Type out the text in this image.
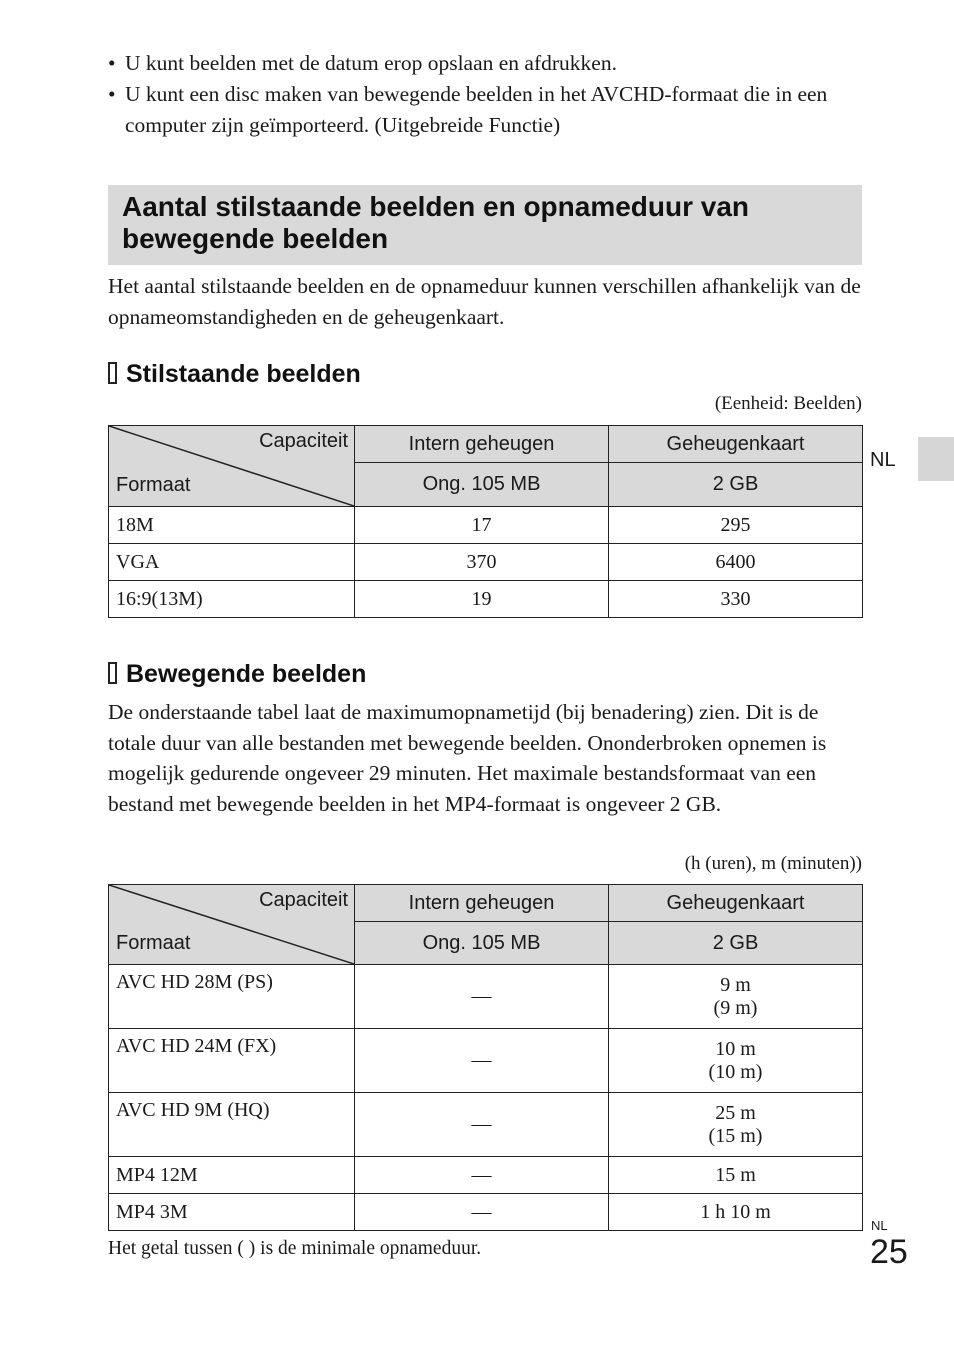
• U kunt beelden met de datum erop opslaan en afdrukken.
• U kunt een disc maken van bewegende beelden in het AVCHD-formaat die in een computer zijn geïmporteerd. (Uitgebreide Functie)
Aantal stilstaande beelden en opnameduur van bewegende beelden
Het aantal stilstaande beelden en de opnameduur kunnen verschillen afhankelijk van de opnameomstandigheden en de geheugenkaart.
Stilstaande beelden
(Eenheid: Beelden)
Capaciteit
Formaat	Intern geheugen	Geheugenkaart
	Ong. 105 MB	2 GB
18M	17	295
VGA	370	6400
16:9(13M)	19	330
NL
Bewegende beelden
De onderstaande tabel laat de maximumopnametijd (bij benadering) zien. Dit is de totale duur van alle bestanden met bewegende beelden. Ononderbroken opnemen is mogelijk gedurende ongeveer 29 minuten. Het maximale bestandsformaat van een bestand met bewegende beelden in het MP4-formaat is ongeveer 2 GB.
(h (uren), m (minuten))
Capaciteit
Formaat	Intern geheugen	Geheugenkaart
	Ong. 105 MB	2 GB
AVC HD 28M (PS)	—	9 m
(9 m)

AVC HD 24M (FX)	—	10 m
(10 m)

AVC HD 9M (HQ)	—	25 m
(15 m)

MP4 12M	—	15 m
MP4 3M	—	1 h 10 m
Het getal tussen ( ) is de minimale opnameduur.
NL
25
